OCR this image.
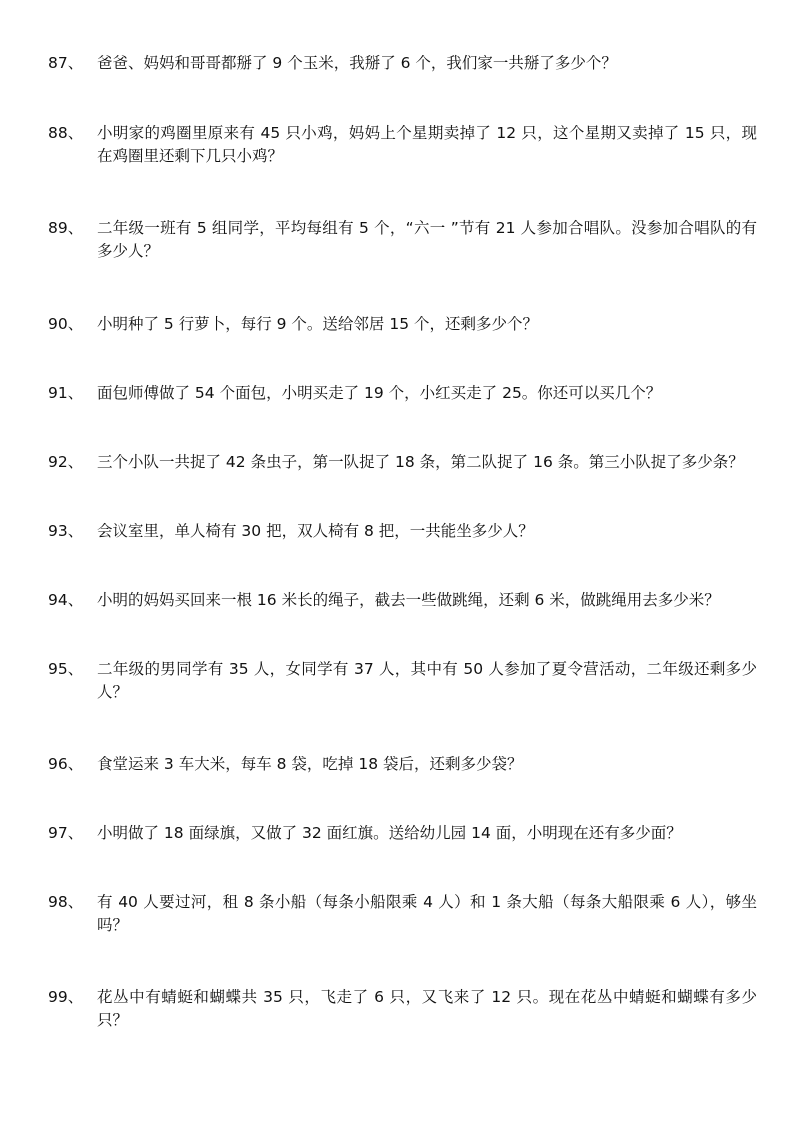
87、 爸爸、妈妈和哥哥都掰了 9 个玉米，我掰了 6 个，我们家一共掰了多少个？

88、 小明家的鸡圈里原来有 45 只小鸡，妈妈上个星期卖掉了 12 只，这个星期又卖掉了 15 只，现在鸡圈里还剩下几只小鸡？

89、 二年级一班有 5 组同学，平均每组有 5 个，“六一 ”节有 21 人参加合唱队。没参加合唱队的有多少人？

90、 小明种了 5 行萝卜，每行 9 个。送给邻居 15 个，还剩多少个？

91、 面包师傅做了 54 个面包，小明买走了 19 个，小红买走了 25。你还可以买几个？

92、 三个小队一共捉了 42 条虫子，第一队捉了 18 条，第二队捉了 16 条。第三小队捉了多少条？

93、 会议室里，单人椅有 30 把，双人椅有 8 把，一共能坐多少人？

94、 小明的妈妈买回来一根 16 米长的绳子，截去一些做跳绳，还剩 6 米，做跳绳用去多少米？

95、 二年级的男同学有 35 人，女同学有 37 人，其中有 50 人参加了夏令营活动，二年级还剩多少人？

96、 食堂运来 3 车大米，每车 8 袋，吃掉 18 袋后，还剩多少袋？

97、 小明做了 18 面绿旗，又做了 32 面红旗。送给幼儿园 14 面，小明现在还有多少面？

98、 有 40 人要过河，租 8 条小船（每条小船限乘 4 人）和 1 条大船（每条大船限乘 6 人），够坐吗？

99、 花丛中有蜻蜓和蝴蝶共 35 只，飞走了 6 只，又飞来了 12 只。现在花丛中蜻蜓和蝴蝶有多少只？
